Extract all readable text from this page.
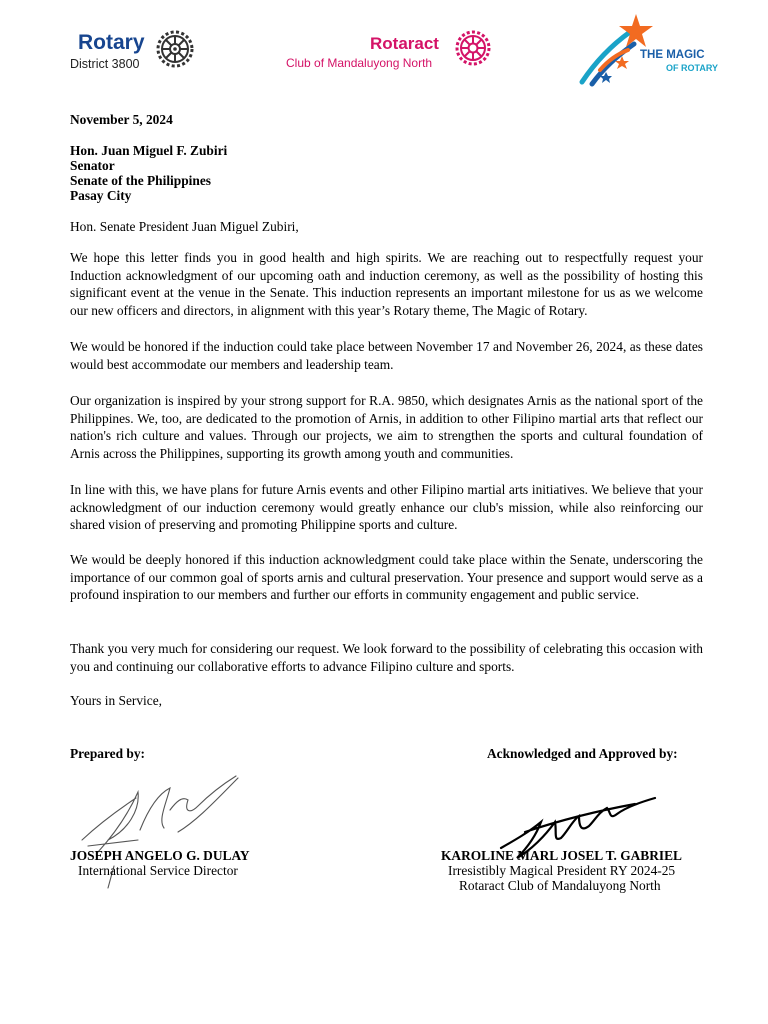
Rotary
District 3800
Rotaract
Club of Mandaluyong North
THE MAGIC
OF ROTARY
November 5, 2024
Hon. Juan Miguel F. Zubiri
Senator
Senate of the Philippines
Pasay City
Hon. Senate President Juan Miguel Zubiri,

We hope this letter finds you in good health and high spirits. We are reaching out to respectfully request your Induction acknowledgment of our upcoming oath and induction ceremony, as well as the possibility of hosting this significant event at the venue in the Senate. This induction represents an important milestone for us as we welcome our new officers and directors, in alignment with this year’s Rotary theme, The Magic of Rotary.

We would be honored if the induction could take place between November 17 and November 26, 2024, as these dates would best accommodate our members and leadership team.

Our organization is inspired by your strong support for R.A. 9850, which designates Arnis as the national sport of the Philippines. We, too, are dedicated to the promotion of Arnis, in addition to other Filipino martial arts that reflect our nation's rich culture and values. Through our projects, we aim to strengthen the sports and cultural foundation of Arnis across the Philippines, supporting its growth among youth and communities.

In line with this, we have plans for future Arnis events and other Filipino martial arts initiatives. We believe that your acknowledgment of our induction ceremony would greatly enhance our club's mission, while also reinforcing our shared vision of preserving and promoting Philippine sports and culture.

We would be deeply honored if this induction acknowledgment could take place within the Senate, underscoring the importance of our common goal of sports arnis and cultural preservation. Your presence and support would serve as a profound inspiration to our members and further our efforts in community engagement and public service.

Thank you very much for considering our request. We look forward to the possibility of celebrating this occasion with you and continuing our collaborative efforts to advance Filipino culture and sports.

Yours in Service,
Prepared by:	Acknowledged and Approved by:
JOSEPH ANGELO G. DULAY
International Service Director
KAROLINE MARL JOSEL T. GABRIEL
Irresistibly Magical President RY 2024-25
Rotaract Club of Mandaluyong North
